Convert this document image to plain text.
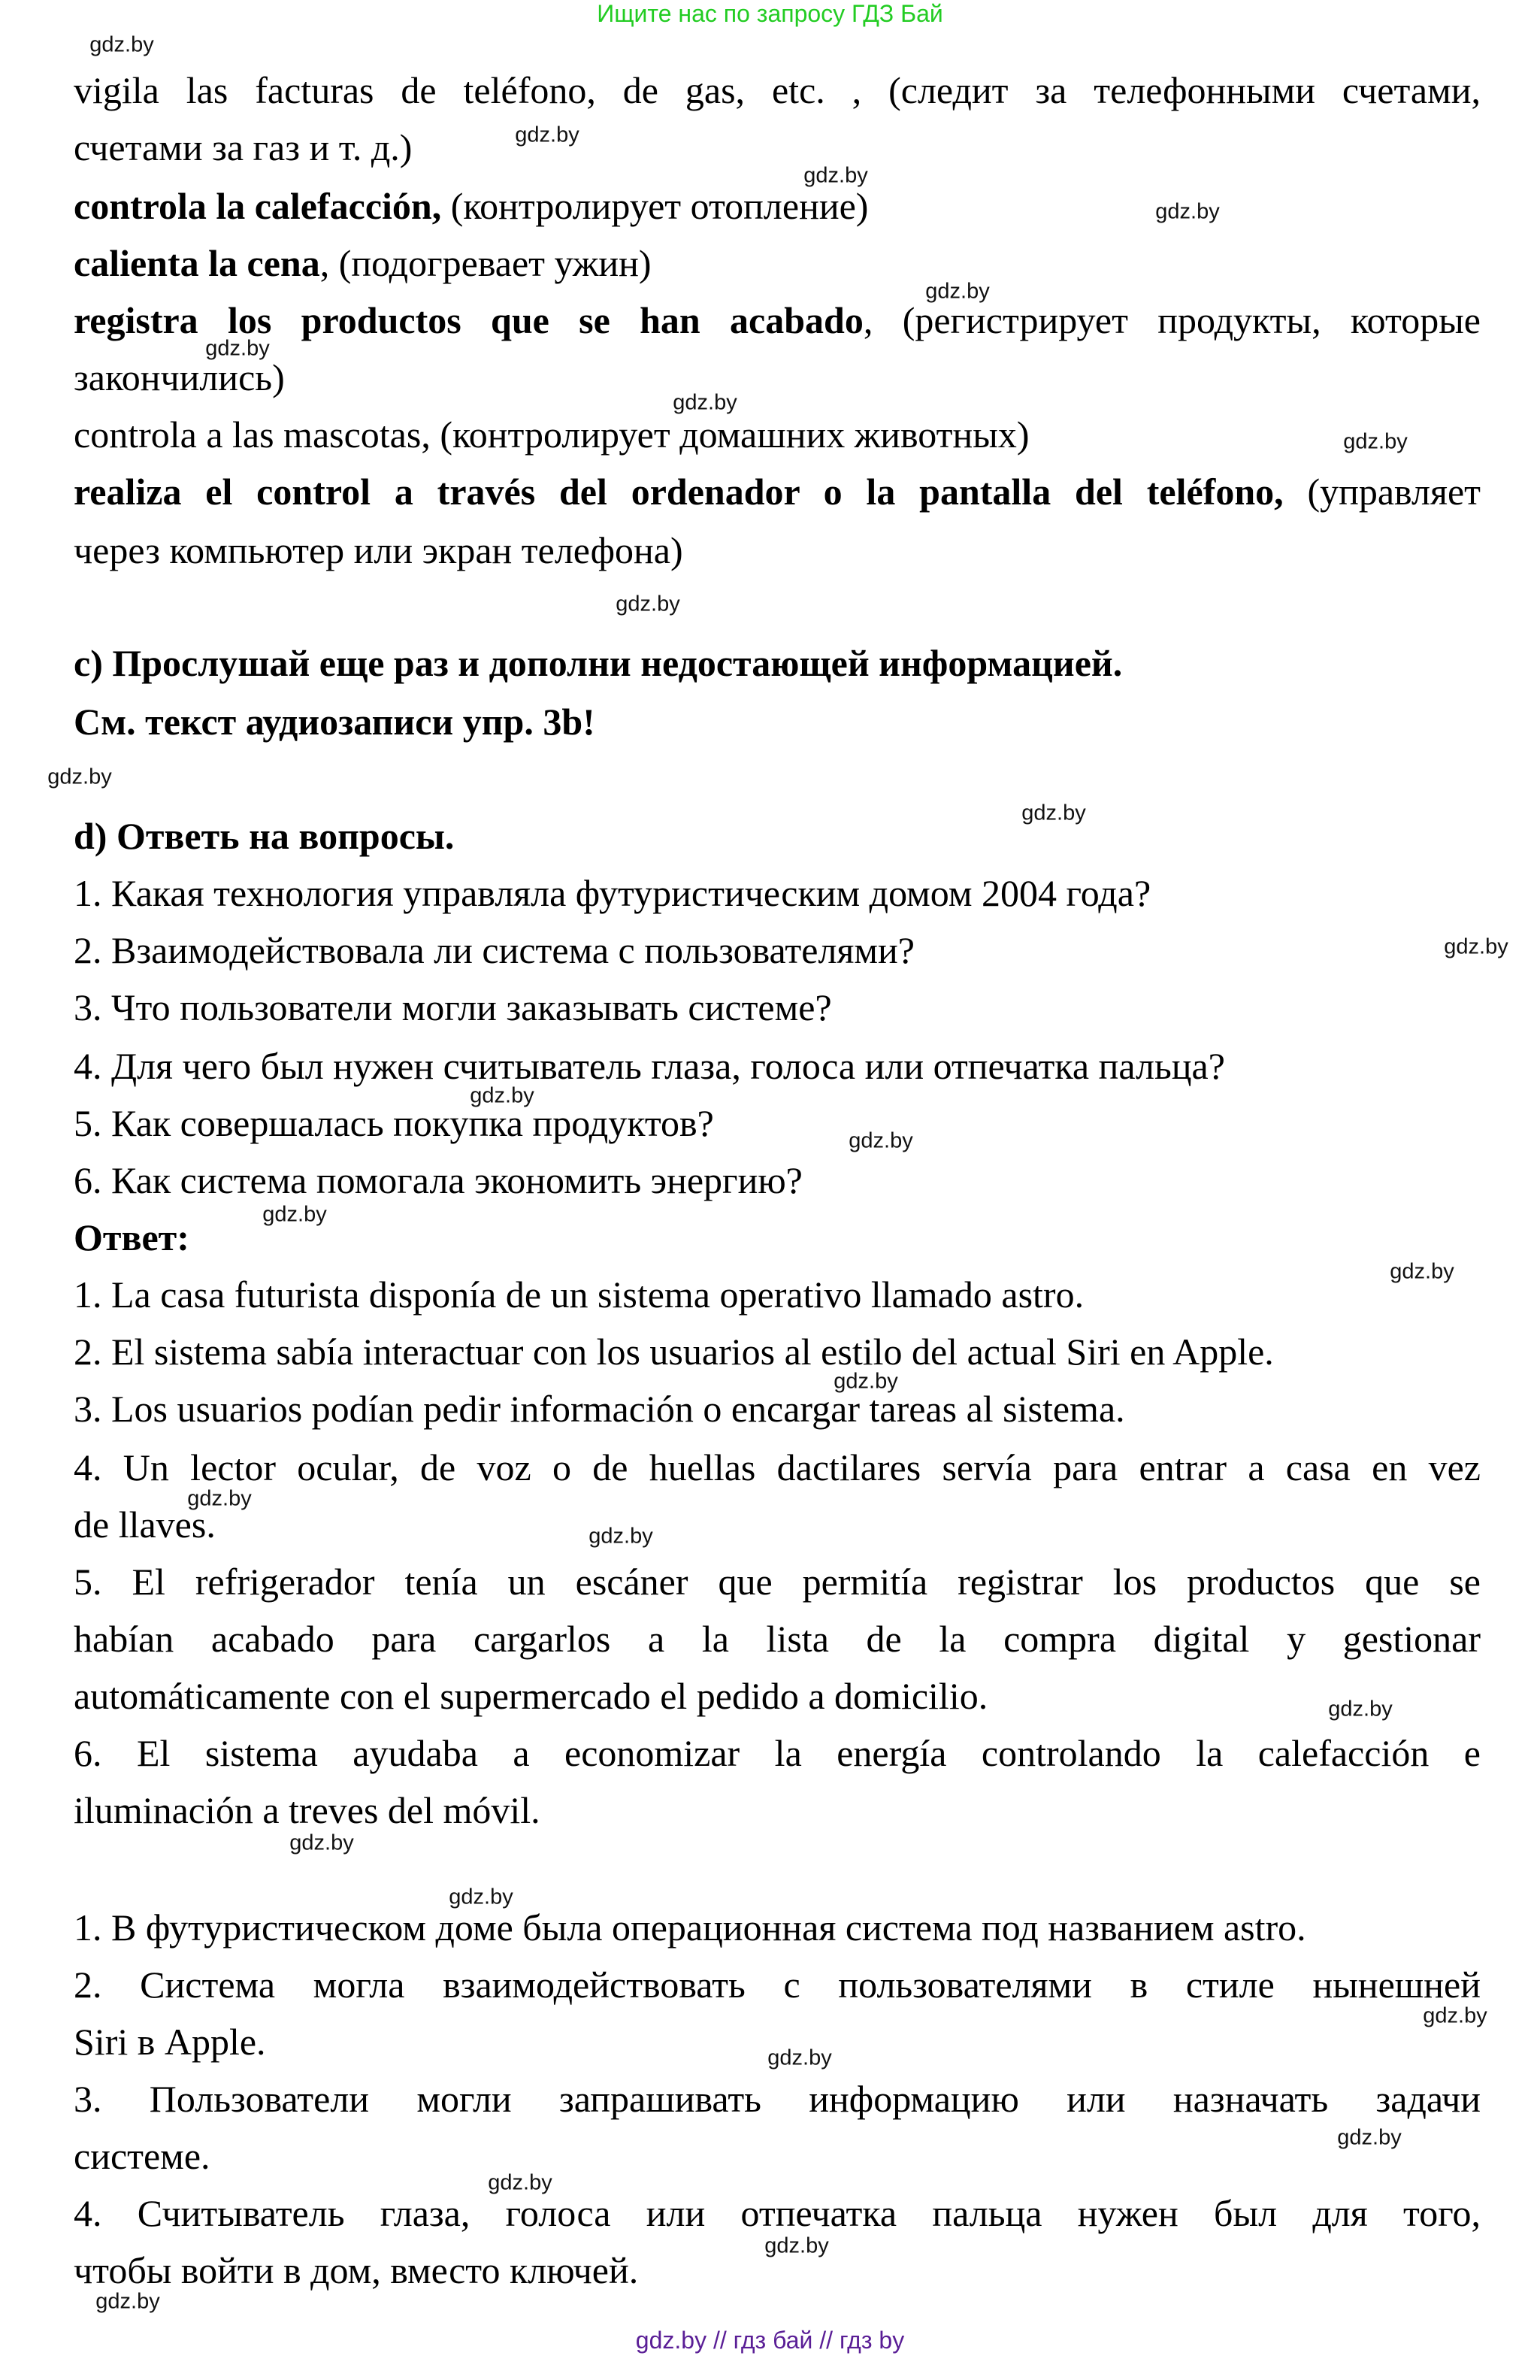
Ищите нас по запросу ГДЗ Бай
vigila las facturas de teléfono, de gas, etc. , (следит за телефонными счетами,
счетами за газ и т. д.)
controla la calefacción, (контролирует отопление)
calienta la cena, (подогревает ужин)
registra los productos que se han acabado, (регистрирует продукты, которые
закончились)
controla a las mascotas, (контролирует домашних животных)
realiza el control a través del ordenador o la pantalla del teléfono, (управляет
через компьютер или экран телефона)
c) Прослушай еще раз и дополни недостающей информацией.
См. текст аудиозаписи упр. 3b!
d) Ответь на вопросы.
1. Какая технология управляла футуристическим домом 2004 года?
2. Взаимодействовала ли система с пользователями?
3. Что пользователи могли заказывать системе?
4. Для чего был нужен считыватель глаза, голоса или отпечатка пальца?
5. Как совершалась покупка продуктов?
6. Как система помогала экономить энергию?
Ответ:
1. La casa futurista disponía de un sistema operativo llamado astro.
2. El sistema sabía interactuar con los usuarios al estilo del actual Siri en Apple.
3. Los usuarios podían pedir información o encargar tareas al sistema.
4. Un lector ocular, de voz o de huellas dactilares servía para entrar a casa en vez
de llaves.
5. El refrigerador tenía un escáner que permitía registrar los productos que se
habían acabado para cargarlos a la lista de la compra digital y gestionar
automáticamente con el supermercado el pedido a domicilio.
6. El sistema ayudaba a economizar la energía controlando la calefacción e
iluminación a treves del móvil.
1. В футуристическом доме была операционная система под названием astro.
2. Система могла взаимодействовать с пользователями в стиле нынешней
Siri в Apple.
3. Пользователи могли запрашивать информацию или назначать задачи
системе.
4. Считыватель глаза, голоса или отпечатка пальца нужен был для того,
чтобы войти в дом, вместо ключей.
gdz.by
gdz.by
gdz.by
gdz.by
gdz.by
gdz.by
gdz.by
gdz.by
gdz.by
gdz.by
gdz.by
gdz.by
gdz.by
gdz.by
gdz.by
gdz.by
gdz.by
gdz.by
gdz.by
gdz.by
gdz.by
gdz.by
gdz.by
gdz.by
gdz.by
gdz.by
gdz.by
gdz.by
gdz.by // гдз бай // гдз by
